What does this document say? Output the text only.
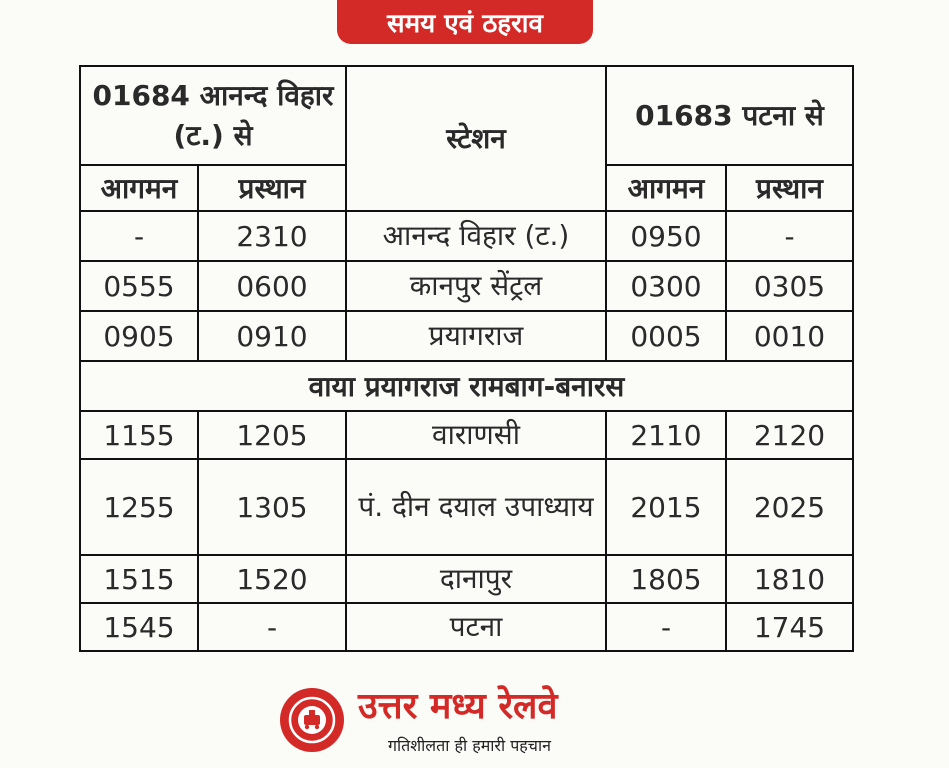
समय एवं ठहराव
01684 आनन्द विहार (ट.) से		स्टेशन	01683 पटना से	
आगमन	प्रस्थान		आगमन	प्रस्थान
-	2310	आनन्द विहार (ट.)	0950	-
0555	0600	कानपुर सेंट्रल	0300	0305
0905	0910	प्रयागराज	0005	0010
वाया प्रयागराज रामबाग-बनारस				
1155	1205	वाराणसी	2110	2120
1255	1305	पं. दीन दयाल उपाध्याय	2015	2025
1515	1520	दानापुर	1805	1810
1545	-	पटना	-	1745
उत्तर मध्य रेलवे
गतिशीलता ही हमारी पहचान
